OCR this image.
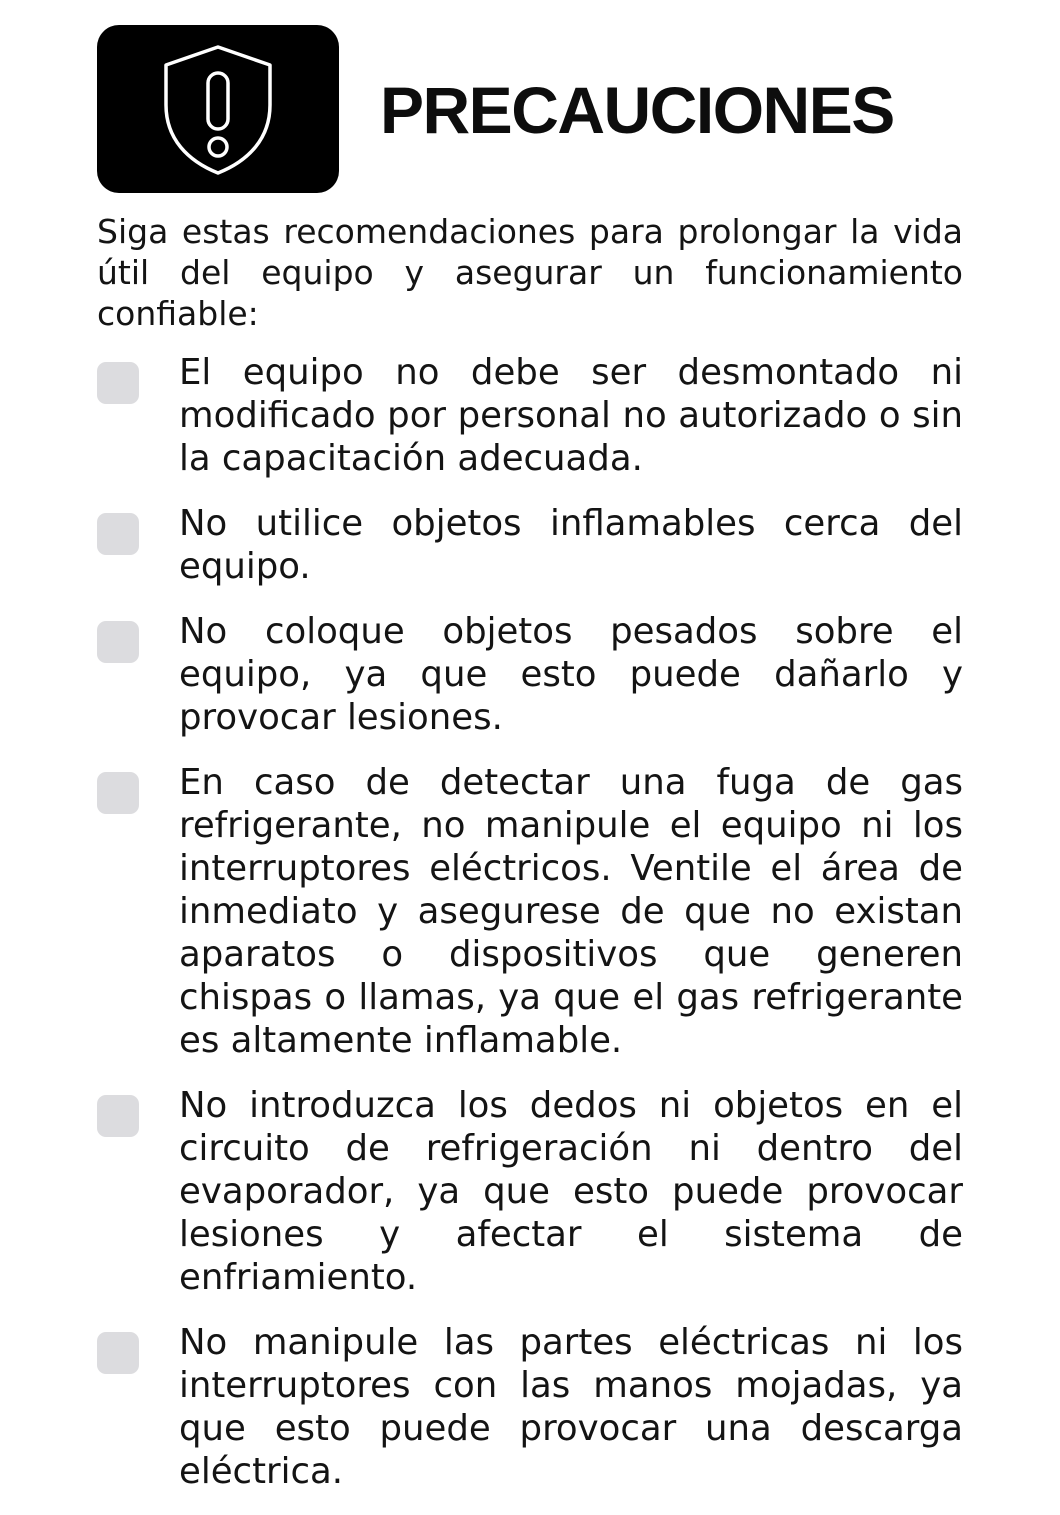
PRECAUCIONES

Siga estas recomendaciones para prolongar la vida útil del equipo y asegurar un funcionamiento confiable:

El equipo no debe ser desmontado ni modificado por personal no autorizado o sin la capacitación adecuada.
No utilice objetos inflamables cerca del equipo.
No coloque objetos pesados sobre el equipo, ya que esto puede dañarlo y provocar lesiones.
En caso de detectar una fuga de gas refrigerante, no manipule el equipo ni los interruptores eléctricos. Ventile el área de inmediato y asegurese de que no existan aparatos o dispositivos que generen chispas o llamas, ya que el gas refrigerante es altamente inflamable.
No introduzca los dedos ni objetos en el circuito de refrigeración ni dentro del evaporador, ya que esto puede provocar lesiones y afectar el sistema de enfriamiento.
No manipule las partes eléctricas ni los interruptores con las manos mojadas, ya que esto puede provocar una descarga eléctrica.
